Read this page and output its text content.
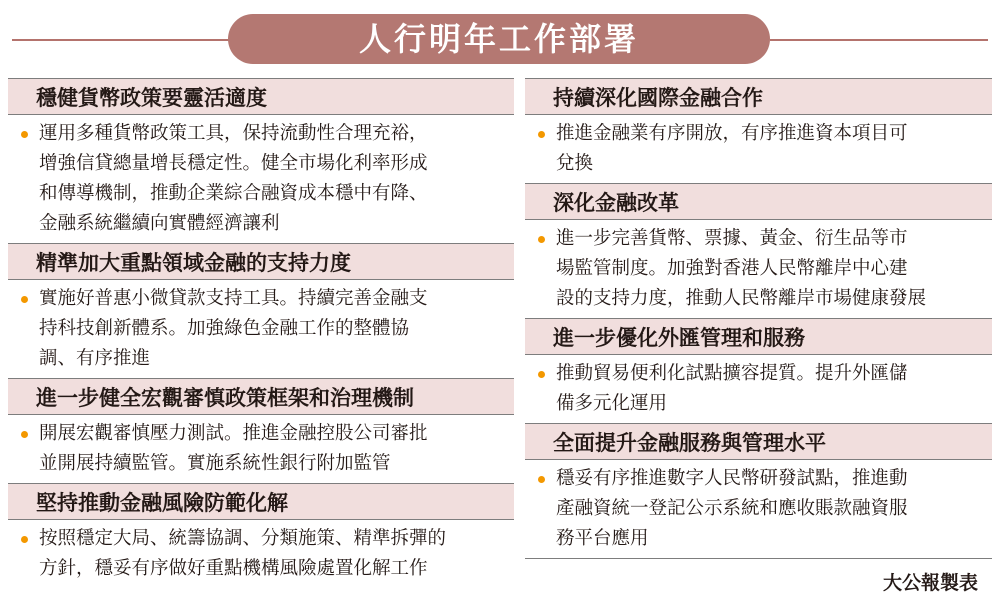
人行明年工作部署
穩健貨幣政策要靈活適度
運用多種貨幣政策工具，保持流動性合理充裕，
增強信貸總量增長穩定性。健全市場化利率形成
和傳導機制，推動企業綜合融資成本穩中有降、
金融系統繼續向實體經濟讓利
精準加大重點領域金融的支持力度
實施好普惠小微貸款支持工具。持續完善金融支
持科技創新體系。加強綠色金融工作的整體協
調、有序推進
進一步健全宏觀審慎政策框架和治理機制
開展宏觀審慎壓力測試。推進金融控股公司審批
並開展持續監管。實施系統性銀行附加監管
堅持推動金融風險防範化解
按照穩定大局、統籌協調、分類施策、精準拆彈的
方針，穩妥有序做好重點機構風險處置化解工作
持續深化國際金融合作
推進金融業有序開放，有序推進資本項目可
兌換
深化金融改革
進一步完善貨幣、票據、黃金、衍生品等市
場監管制度。加強對香港人民幣離岸中心建
設的支持力度，推動人民幣離岸市場健康發展
進一步優化外匯管理和服務
推動貿易便利化試點擴容提質。提升外匯儲
備多元化運用
全面提升金融服務與管理水平
穩妥有序推進數字人民幣研發試點，推進動
產融資統一登記公示系統和應收賬款融資服
務平台應用
大公報製表
